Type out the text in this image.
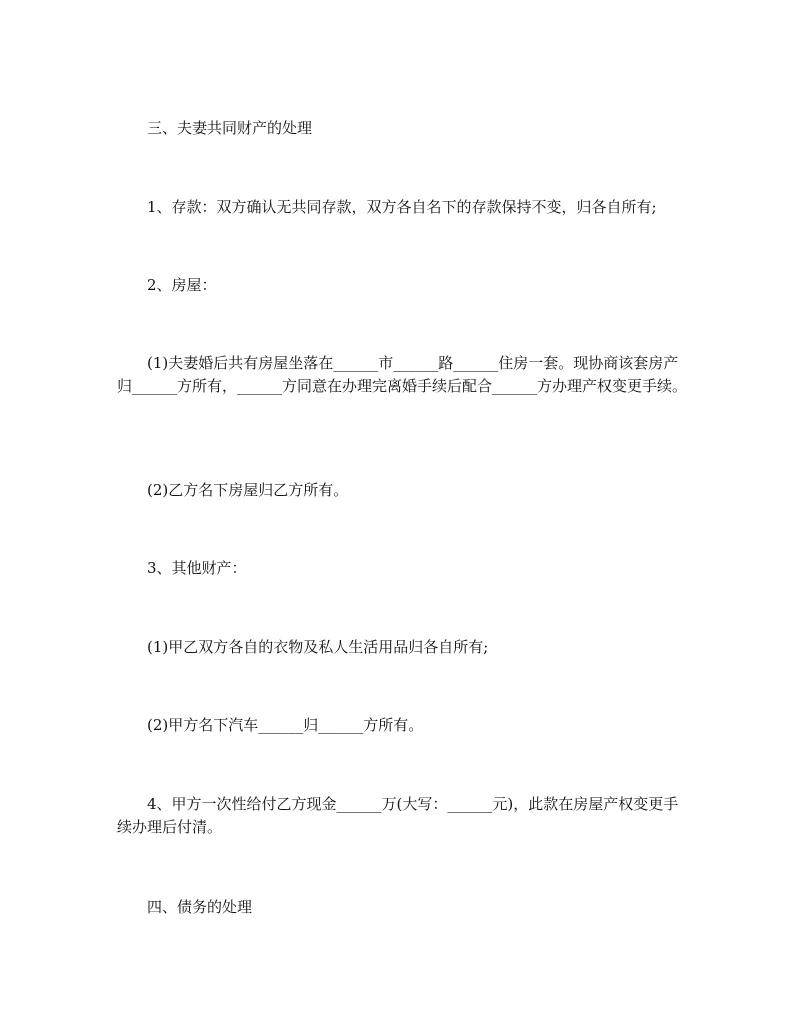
三、夫妻共同财产的处理

1、存款：双方确认无共同存款，双方各自名下的存款保持不变，归各自所有;

2、房屋：

(1)夫妻婚后共有房屋坐落在______市______路______住房一套。现协商该套房产归______方所有，______方同意在办理完离婚手续后配合______方办理产权变更手续。

(2)乙方名下房屋归乙方所有。

3、其他财产：

(1)甲乙双方各自的衣物及私人生活用品归各自所有;

(2)甲方名下汽车______归______方所有。

4、甲方一次性给付乙方现金______万(大写：______元)，此款在房屋产权变更手续办理后付清。

四、债务的处理
